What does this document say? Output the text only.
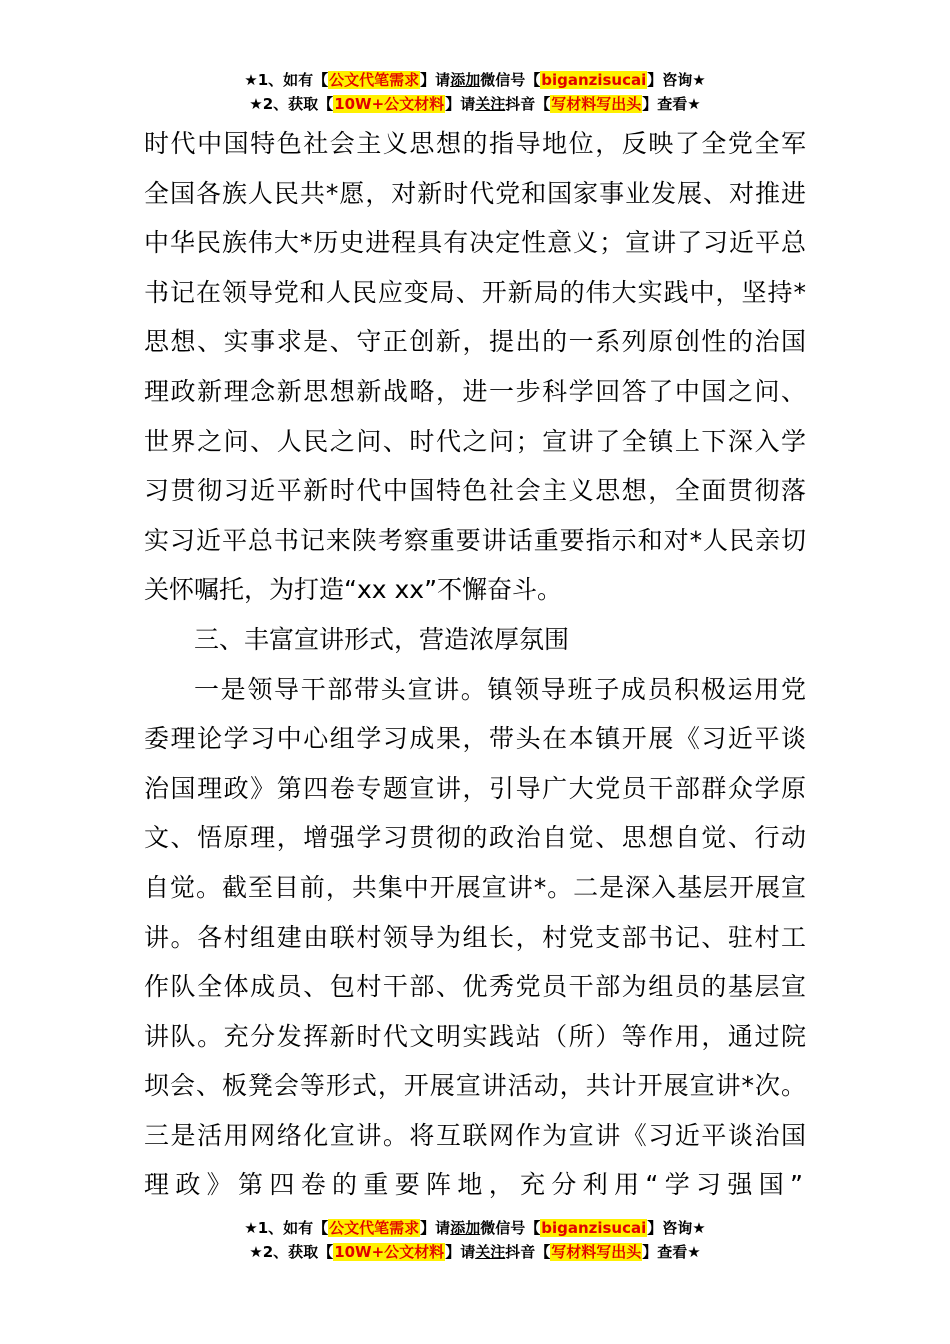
★1、如有【公文代笔需求】请添加微信号【biganzisucai】咨询★
★2、获取【10W+公文材料】请关注抖音【写材料写出头】查看★
时代中国特色社会主义思想的指导地位，反映了全党全军
全国各族人民共*愿，对新时代党和国家事业发展、对推进
中华民族伟大*历史进程具有决定性意义；宣讲了习近平总
书记在领导党和人民应变局、开新局的伟大实践中，坚持*
思想、实事求是、守正创新，提出的一系列原创性的治国
理政新理念新思想新战略，进一步科学回答了中国之问、
世界之问、人民之问、时代之问；宣讲了全镇上下深入学
习贯彻习近平新时代中国特色社会主义思想，全面贯彻落
实习近平总书记来陕考察重要讲话重要指示和对*人民亲切
关怀嘱托，为打造“xx xx”不懈奋斗。
三、丰富宣讲形式，营造浓厚氛围
一是领导干部带头宣讲。镇领导班子成员积极运用党
委理论学习中心组学习成果，带头在本镇开展《习近平谈
治国理政》第四卷专题宣讲，引导广大党员干部群众学原
文、悟原理，增强学习贯彻的政治自觉、思想自觉、行动
自觉。截至目前，共集中开展宣讲*。二是深入基层开展宣
讲。各村组建由联村领导为组长，村党支部书记、驻村工
作队全体成员、包村干部、优秀党员干部为组员的基层宣
讲队。充分发挥新时代文明实践站（所）等作用，通过院
坝会、板凳会等形式，开展宣讲活动，共计开展宣讲*次。
三是活用网络化宣讲。将互联网作为宣讲《习近平谈治国
理政》第四卷的重要阵地，充分利用“学习强国”
★1、如有【公文代笔需求】请添加微信号【biganzisucai】咨询★
★2、获取【10W+公文材料】请关注抖音【写材料写出头】查看★
